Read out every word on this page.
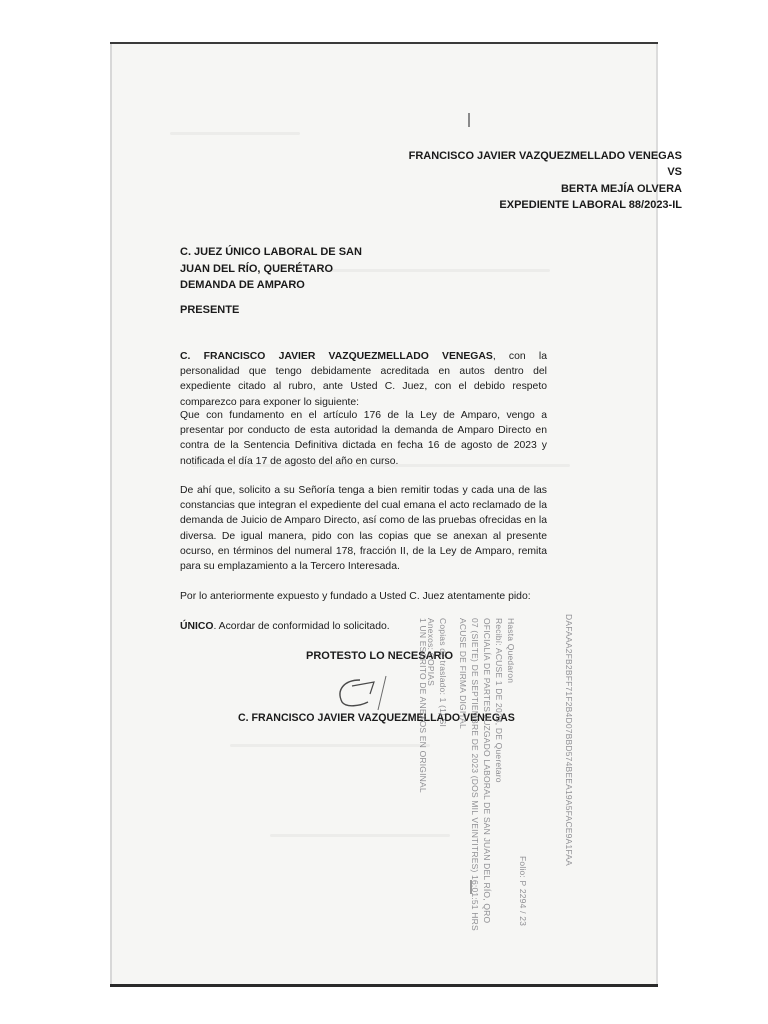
FRANCISCO JAVIER VAZQUEZMELLADO VENEGAS
VS
BERTA MEJÍA OLVERA
EXPEDIENTE LABORAL 88/2023-IL
C. JUEZ ÚNICO LABORAL DE SAN
JUAN DEL RÍO, QUERÉTARO
DEMANDA DE AMPARO
PRESENTE

C. FRANCISCO JAVIER VAZQUEZMELLADO VENEGAS, con la personalidad que tengo debidamente acreditada en autos dentro del expediente citado al rubro, ante Usted C. Juez, con el debido respeto comparezco para exponer lo siguiente:

Que con fundamento en el artículo 176 de la Ley de Amparo, vengo a presentar por conducto de esta autoridad la demanda de Amparo Directo en contra de la Sentencia Definitiva dictada en fecha 16 de agosto de 2023 y notificada el día 17 de agosto del año en curso.

De ahí que, solicito a su Señoría tenga a bien remitir todas y cada una de las constancias que integran el expediente del cual emana el acto reclamado de la demanda de Juicio de Amparo Directo, así como de las pruebas ofrecidas en la diversa. De igual manera, pido con las copias que se anexan al presente ocurso, en términos del numeral 178, fracción II, de la Ley de Amparo, remita para su emplazamiento a la Tercero Interesada.

Por lo anteriormente expuesto y fundado a Usted C. Juez atentamente pido:

ÚNICO. Acordar de conformidad lo solicitado.

PROTESTO LO NECESARIO
C. FRANCISCO JAVIER VAZQUEZMELLADO VENEGAS	DAFAAA2FB2BFF71F2B4D07BBD574BEEA19A5FACE9A1FAA
Folio: P 2294 / 23
Hasta Quedaron
Recibí: ACUSE 1 DE 2023, DE Queretaro
OFICIALÍA DE PARTES JUZGADO LABORAL DE SAN JUAN DEL RÍO, QRO
07 (SIETE) DE SEPTIEMBRE DE 2023 (DOS MIL VEINTITRES) 16:01:51 HRS
ACUSE DE FIRMA DIGITAL
Copias de traslado: 1 (1) SI
Anexos: COPIAS
1 UN ESCRITO DE ANEXOS EN ORIGINAL
